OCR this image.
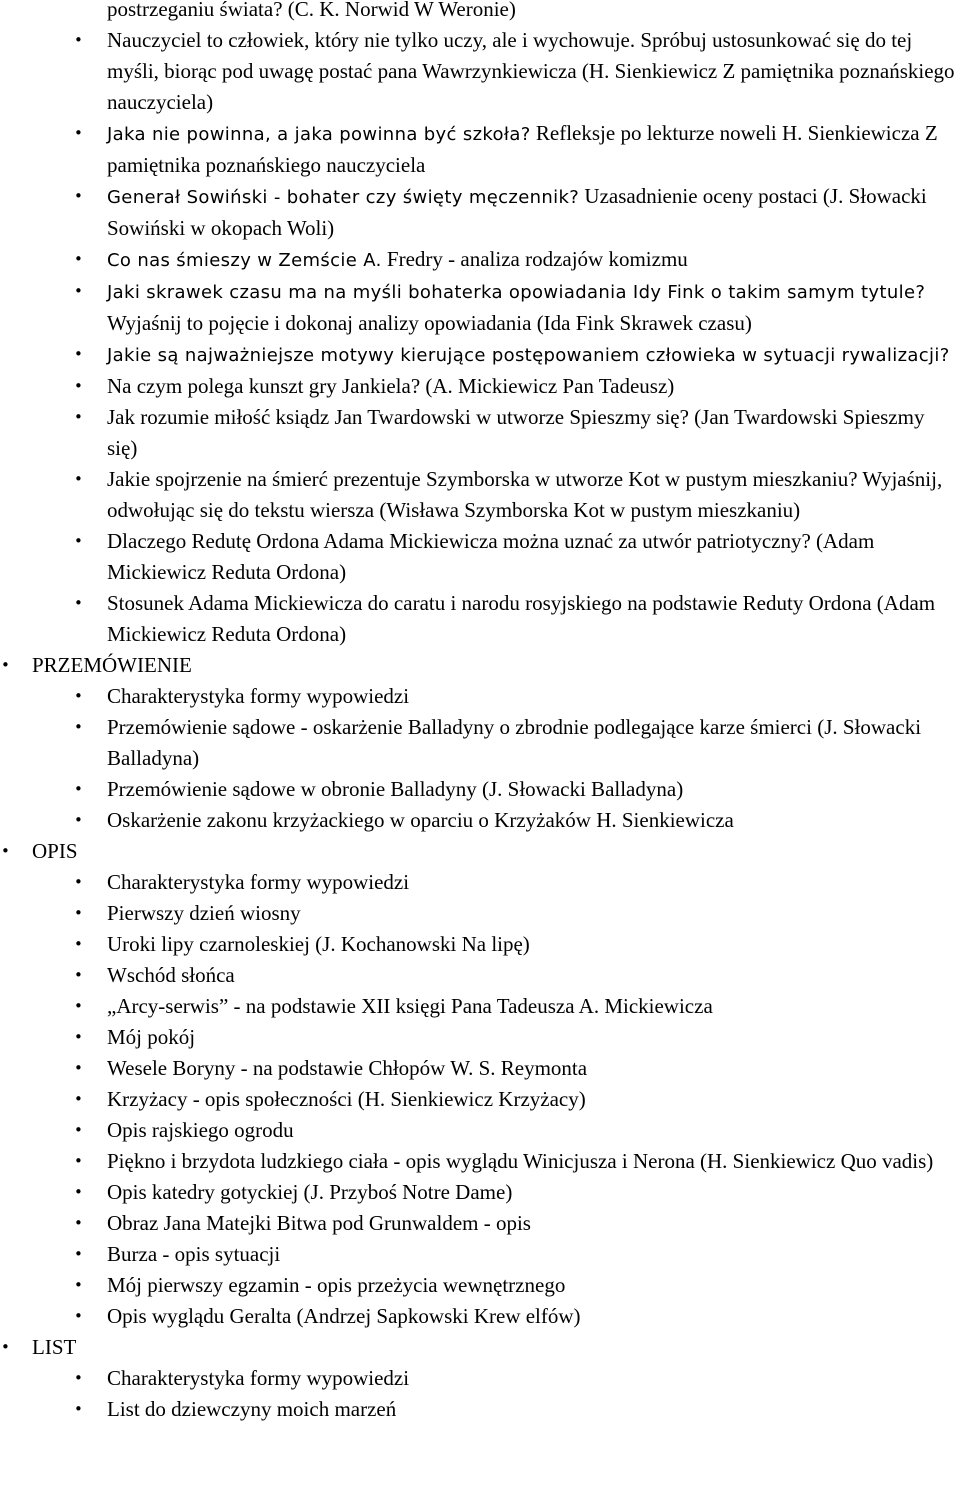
postrzeganiu świata? (C. K. Norwid W Weronie)
• Nauczyciel to człowiek, który nie tylko uczy, ale i wychowuje. Spróbuj ustosunkować się do tej myśli, biorąc pod uwagę postać pana Wawrzynkiewicza (H. Sienkiewicz Z pamiętnika poznańskiego nauczyciela)
• Jaka nie powinna, a jaka powinna być szkoła? Refleksje po lekturze noweli H. Sienkiewicza Z pamiętnika poznańskiego nauczyciela
• Generał Sowiński - bohater czy święty męczennik? Uzasadnienie oceny postaci (J. Słowacki Sowiński w okopach Woli)
• Co nas śmieszy w Zemście A. Fredry - analiza rodzajów komizmu
• Jaki skrawek czasu ma na myśli bohaterka opowiadania Idy Fink o takim samym tytule? Wyjaśnij to pojęcie i dokonaj analizy opowiadania (Ida Fink Skrawek czasu)
• Jakie są najważniejsze motywy kierujące postępowaniem człowieka w sytuacji rywalizacji?
• Na czym polega kunszt gry Jankiela? (A. Mickiewicz Pan Tadeusz)
• Jak rozumie miłość ksiądz Jan Twardowski w utworze Spieszmy się? (Jan Twardowski Spieszmy się)
• Jakie spojrzenie na śmierć prezentuje Szymborska w utworze Kot w pustym mieszkaniu? Wyjaśnij, odwołując się do tekstu wiersza (Wisława Szymborska Kot w pustym mieszkaniu)
• Dlaczego Redutę Ordona Adama Mickiewicza można uznać za utwór patriotyczny? (Adam Mickiewicz Reduta Ordona)
• Stosunek Adama Mickiewicza do caratu i narodu rosyjskiego na podstawie Reduty Ordona (Adam Mickiewicz Reduta Ordona)
• PRZEMÓWIENIE
• Charakterystyka formy wypowiedzi
• Przemówienie sądowe - oskarżenie Balladyny o zbrodnie podlegające karze śmierci (J. Słowacki Balladyna)
• Przemówienie sądowe w obronie Balladyny (J. Słowacki Balladyna)
• Oskarżenie zakonu krzyżackiego w oparciu o Krzyżaków H. Sienkiewicza
• OPIS
• Charakterystyka formy wypowiedzi
• Pierwszy dzień wiosny
• Uroki lipy czarnoleskiej (J. Kochanowski Na lipę)
• Wschód słońca
• „Arcy-serwis” - na podstawie XII księgi Pana Tadeusza A. Mickiewicza
• Mój pokój
• Wesele Boryny - na podstawie Chłopów W. S. Reymonta
• Krzyżacy - opis społeczności (H. Sienkiewicz Krzyżacy)
• Opis rajskiego ogrodu
• Piękno i brzydota ludzkiego ciała - opis wyglądu Winicjusza i Nerona (H. Sienkiewicz Quo vadis)
• Opis katedry gotyckiej (J. Przyboś Notre Dame)
• Obraz Jana Matejki Bitwa pod Grunwaldem - opis
• Burza - opis sytuacji
• Mój pierwszy egzamin - opis przeżycia wewnętrznego
• Opis wyglądu Geralta (Andrzej Sapkowski Krew elfów)
• LIST
• Charakterystyka formy wypowiedzi
• List do dziewczyny moich marzeń
